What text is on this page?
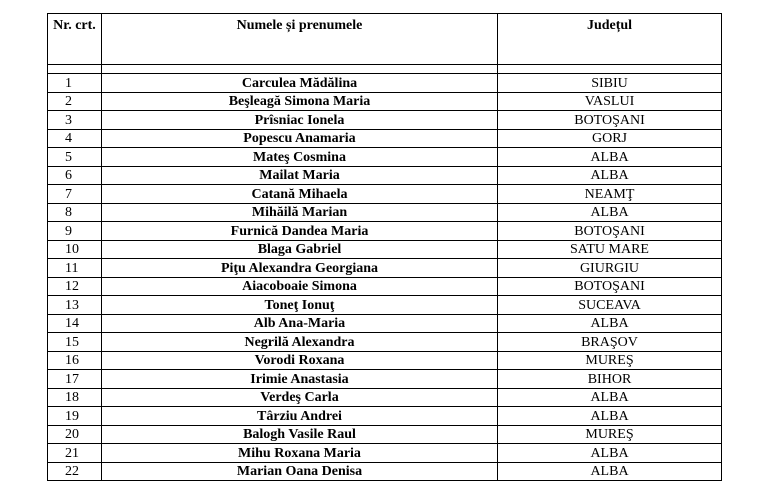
Nr. crt.	Numele și prenumele	Județul

1	Carculea Mădălina	SIBIU
2	Beşleagă Simona Maria	VASLUI
3	Prîsniac Ionela	BOTOŞANI
4	Popescu Anamaria	GORJ
5	Mateş Cosmina	ALBA
6	Mailat Maria	ALBA
7	Catană Mihaela	NEAMŢ
8	Mihăilă Marian	ALBA
9	Furnică Dandea Maria	BOTOŞANI
10	Blaga Gabriel	SATU MARE
11	Piţu Alexandra Georgiana	GIURGIU
12	Aiacoboaie Simona	BOTOŞANI
13	Toneţ Ionuţ	SUCEAVA
14	Alb Ana-Maria	ALBA
15	Negrilă Alexandra	BRAŞOV
16	Vorodi Roxana	MUREŞ
17	Irimie Anastasia	BIHOR
18	Verdeş Carla	ALBA
19	Târziu Andrei	ALBA
20	Balogh Vasile Raul	MUREŞ
21	Mihu Roxana Maria	ALBA
22	Marian Oana Denisa	ALBA
